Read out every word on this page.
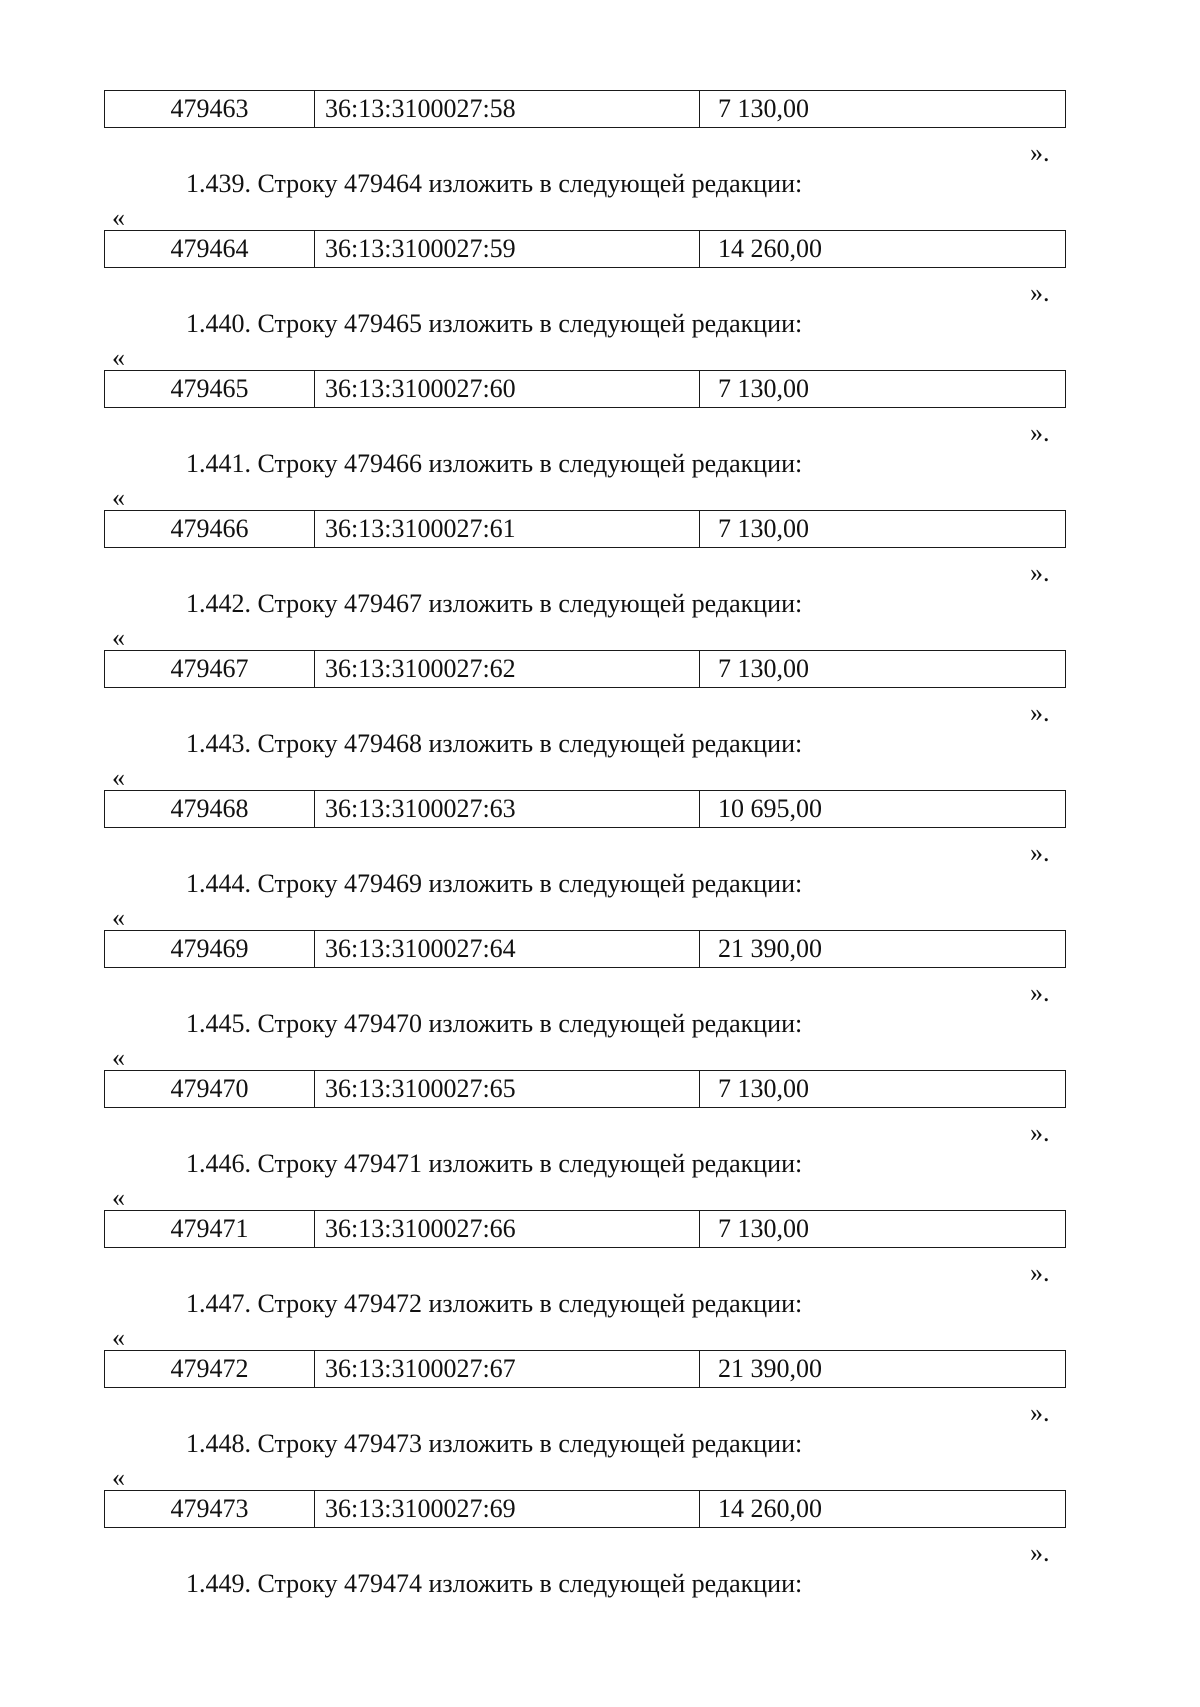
479463	36:13:3100027:58	7 130,00
».
1.439. Строку 479464 изложить в следующей редакции:
«
479464	36:13:3100027:59	14 260,00
».
1.440. Строку 479465 изложить в следующей редакции:
«
479465	36:13:3100027:60	7 130,00
».
1.441. Строку 479466 изложить в следующей редакции:
«
479466	36:13:3100027:61	7 130,00
».
1.442. Строку 479467 изложить в следующей редакции:
«
479467	36:13:3100027:62	7 130,00
».
1.443. Строку 479468 изложить в следующей редакции:
«
479468	36:13:3100027:63	10 695,00
».
1.444. Строку 479469 изложить в следующей редакции:
«
479469	36:13:3100027:64	21 390,00
».
1.445. Строку 479470 изложить в следующей редакции:
«
479470	36:13:3100027:65	7 130,00
».
1.446. Строку 479471 изложить в следующей редакции:
«
479471	36:13:3100027:66	7 130,00
».
1.447. Строку 479472 изложить в следующей редакции:
«
479472	36:13:3100027:67	21 390,00
».
1.448. Строку 479473 изложить в следующей редакции:
«
479473	36:13:3100027:69	14 260,00
».
1.449. Строку 479474 изложить в следующей редакции:
